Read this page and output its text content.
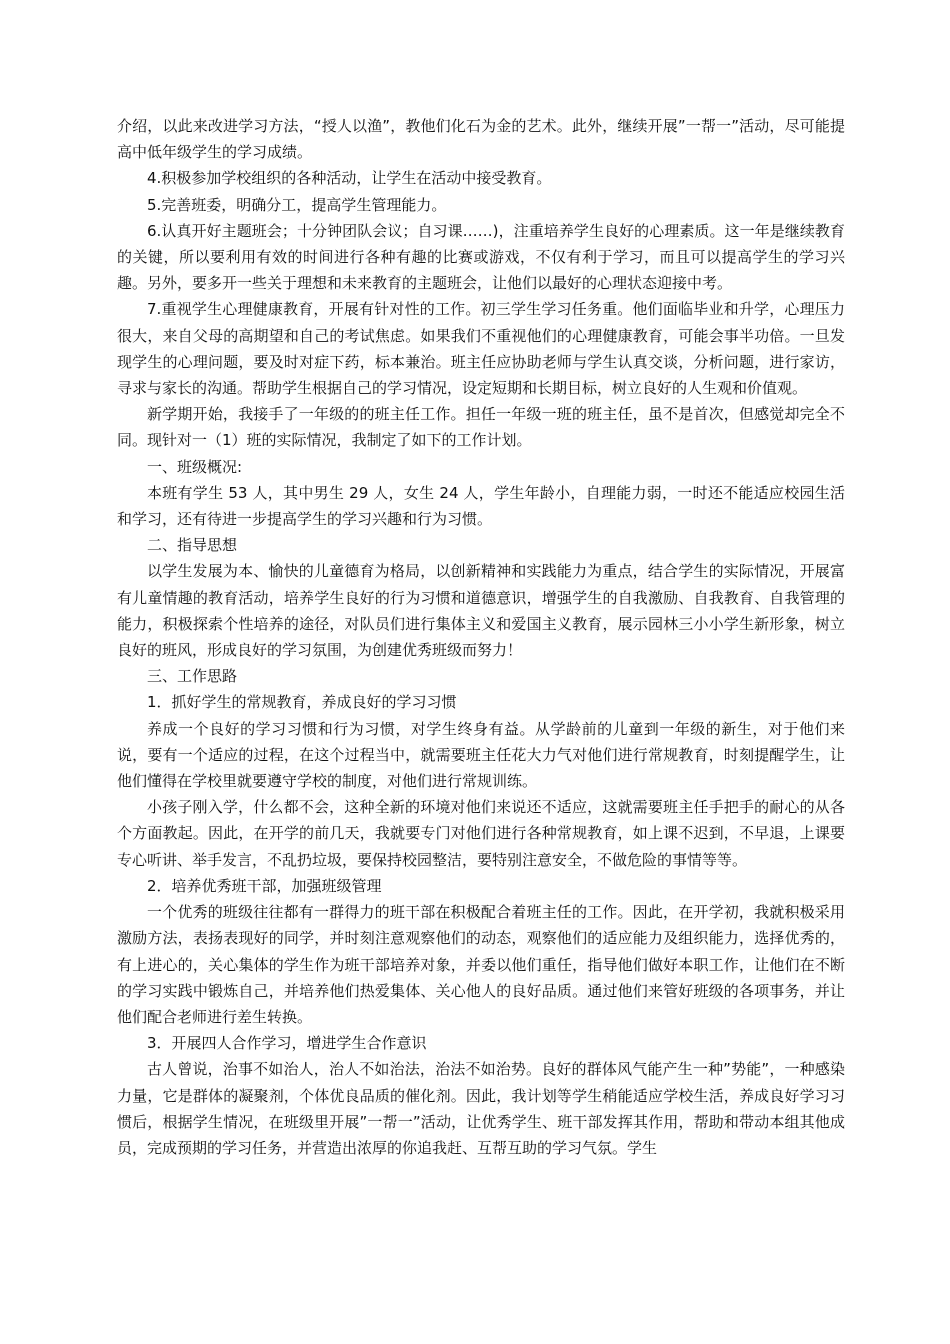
介绍，以此来改进学习方法，“授人以渔”，教他们化石为金的艺术。此外，继续开展”一帮一”活动，尽可能提高中低年级学生的学习成绩。

4.积极参加学校组织的各种活动，让学生在活动中接受教育。

5.完善班委，明确分工，提高学生管理能力。

6.认真开好主题班会；十分钟团队会议；自习课……)，注重培养学生良好的心理素质。这一年是继续教育的关键，所以要利用有效的时间进行各种有趣的比赛或游戏，不仅有利于学习，而且可以提高学生的学习兴趣。另外，要多开一些关于理想和未来教育的主题班会，让他们以最好的心理状态迎接中考。

7.重视学生心理健康教育，开展有针对性的工作。初三学生学习任务重。他们面临毕业和升学，心理压力很大，来自父母的高期望和自己的考试焦虑。如果我们不重视他们的心理健康教育，可能会事半功倍。一旦发现学生的心理问题，要及时对症下药，标本兼治。班主任应协助老师与学生认真交谈，分析问题，进行家访，寻求与家长的沟通。帮助学生根据自己的学习情况，设定短期和长期目标，树立良好的人生观和价值观。

新学期开始，我接手了一年级的的班主任工作。担任一年级一班的班主任，虽不是首次，但感觉却完全不同。现针对一（1）班的实际情况，我制定了如下的工作计划。

一、班级概况:

本班有学生 53 人，其中男生 29 人，女生 24 人，学生年龄小，自理能力弱，一时还不能适应校园生活和学习，还有待进一步提高学生的学习兴趣和行为习惯。

二、指导思想

以学生发展为本、愉快的儿童德育为格局，以创新精神和实践能力为重点，结合学生的实际情况，开展富有儿童情趣的教育活动，培养学生良好的行为习惯和道德意识，增强学生的自我激励、自我教育、自我管理的能力，积极探索个性培养的途径，对队员们进行集体主义和爱国主义教育，展示园林三小小学生新形象，树立良好的班风，形成良好的学习氛围，为创建优秀班级而努力！

三、工作思路

1．抓好学生的常规教育，养成良好的学习习惯

养成一个良好的学习习惯和行为习惯，对学生终身有益。从学龄前的儿童到一年级的新生，对于他们来说，要有一个适应的过程，在这个过程当中，就需要班主任花大力气对他们进行常规教育，时刻提醒学生，让他们懂得在学校里就要遵守学校的制度，对他们进行常规训练。

小孩子刚入学，什么都不会，这种全新的环境对他们来说还不适应，这就需要班主任手把手的耐心的从各个方面教起。因此，在开学的前几天，我就要专门对他们进行各种常规教育，如上课不迟到，不早退，上课要专心听讲、举手发言，不乱扔垃圾，要保持校园整洁，要特别注意安全，不做危险的事情等等。

2．培养优秀班干部，加强班级管理

一个优秀的班级往往都有一群得力的班干部在积极配合着班主任的工作。因此，在开学初，我就积极采用激励方法，表扬表现好的同学，并时刻注意观察他们的动态，观察他们的适应能力及组织能力，选择优秀的，有上进心的，关心集体的学生作为班干部培养对象，并委以他们重任，指导他们做好本职工作，让他们在不断的学习实践中锻炼自己，并培养他们热爱集体、关心他人的良好品质。通过他们来管好班级的各项事务，并让他们配合老师进行差生转换。

3．开展四人合作学习，增进学生合作意识

古人曾说，治事不如治人，治人不如治法，治法不如治势。良好的群体风气能产生一种”势能”，一种感染力量，它是群体的凝聚剂，个体优良品质的催化剂。因此，我计划等学生稍能适应学校生活，养成良好学习习惯后，根据学生情况，在班级里开展”一帮一”活动，让优秀学生、班干部发挥其作用，帮助和带动本组其他成员，完成预期的学习任务，并营造出浓厚的你追我赶、互帮互助的学习气氛。学生
